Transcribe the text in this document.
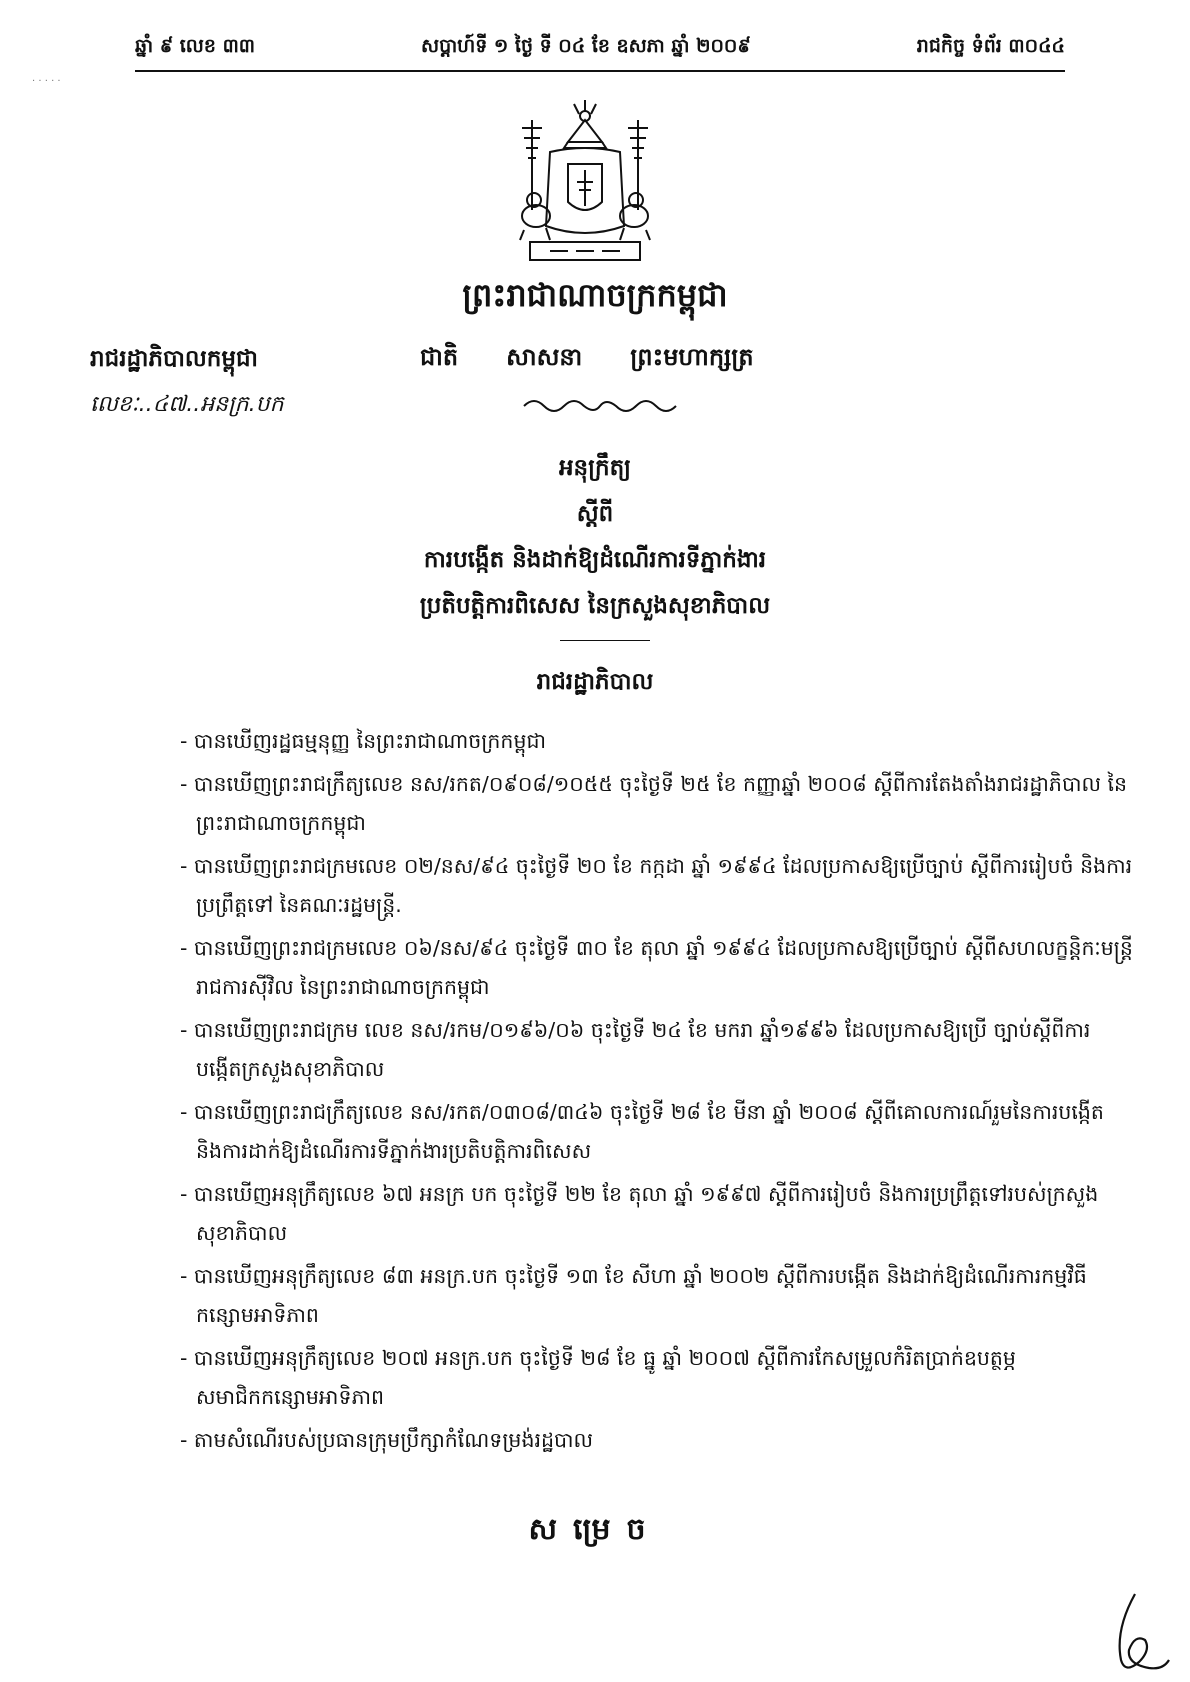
ឆ្នាំ ៩ លេខ ៣៣	សប្តាហ៍ទី ១ ថ្ងៃ ទី ០៤ ខែ ឧសភា ឆ្នាំ ២០០៩	រាជកិច្ច ទំព័រ ៣០៤៤
· · · · ·
ព្រះរាជាណាចក្រកម្ពុជា
រាជរដ្ឋាភិបាលកម្ពុជា
លេខៈ..៤៧..អនក្រ.បក
ជាតិ សាសនា ព្រះមហាក្សត្រ
អនុក្រឹត្យ
ស្តីពី
ការបង្កើត និងដាក់ឱ្យដំណើរការទីភ្នាក់ងារ
ប្រតិបត្តិការពិសេស នៃក្រសួងសុខាភិបាល
រាជរដ្ឋាភិបាល
- បានឃើញរដ្ឋធម្មនុញ្ញ នៃព្រះរាជាណាចក្រកម្ពុជា
- បានឃើញព្រះរាជក្រឹត្យលេខ នស/រកត/០៩០៨/១០៥៥ ចុះថ្ងៃទី ២៥ ខែ កញ្ញាឆ្នាំ ២០០៨ ស្តីពីការតែងតាំងរាជរដ្ឋាភិបាល នៃព្រះរាជាណាចក្រកម្ពុជា
- បានឃើញព្រះរាជក្រមលេខ ០២/នស/៩៤ ចុះថ្ងៃទី ២០ ខែ កក្កដា ឆ្នាំ ១៩៩៤ ដែលប្រកាសឱ្យប្រើច្បាប់ ស្តីពីការរៀបចំ និងការប្រព្រឹត្តទៅ នៃគណៈរដ្ឋមន្ត្រី.
- បានឃើញព្រះរាជក្រមលេខ ០៦/នស/៩៤ ចុះថ្ងៃទី ៣០ ខែ តុលា ឆ្នាំ ១៩៩៤ ដែលប្រកាសឱ្យប្រើច្បាប់ ស្តីពីសហលក្ខន្តិកៈមន្ត្រីរាជការស៊ីវិល នៃព្រះរាជាណាចក្រកម្ពុជា
- បានឃើញព្រះរាជក្រម លេខ នស/រកម/០១៩៦/០៦ ចុះថ្ងៃទី ២៤ ខែ មករា ឆ្នាំ១៩៩៦ ដែលប្រកាសឱ្យប្រើ ច្បាប់ស្តីពីការបង្កើតក្រសួងសុខាភិបាល
- បានឃើញព្រះរាជក្រឹត្យលេខ នស/រកត/០៣០៨/៣៤៦ ចុះថ្ងៃទី ២៨ ខែ មីនា ឆ្នាំ ២០០៨ ស្តីពីគោលការណ៍រួមនៃការបង្កើត និងការដាក់ឱ្យដំណើរការទីភ្នាក់ងារប្រតិបត្តិការពិសេស
- បានឃើញអនុក្រឹត្យលេខ ៦៧ អនក្រ បក ចុះថ្ងៃទី ២២ ខែ តុលា ឆ្នាំ ១៩៩៧ ស្តីពីការរៀបចំ និងការប្រព្រឹត្តទៅរបស់ក្រសួងសុខាភិបាល
- បានឃើញអនុក្រឹត្យលេខ ៨៣ អនក្រ.បក ចុះថ្ងៃទី ១៣ ខែ សីហា ឆ្នាំ ២០០២ ស្តីពីការបង្កើត និងដាក់ឱ្យដំណើរការកម្មវិធីកន្សោមអាទិភាព
- បានឃើញអនុក្រឹត្យលេខ ២០៧ អនក្រ.បក ចុះថ្ងៃទី ២៨ ខែ ធ្នូ ឆ្នាំ ២០០៧ ស្តីពីការកែសម្រួលកំរិតប្រាក់ឧបត្ថម្ភសមាជិកកន្សោមអាទិភាព
- តាមសំណើរបស់ប្រធានក្រុមប្រឹក្សាកំណែទម្រង់រដ្ឋបាល
សម្រេច
